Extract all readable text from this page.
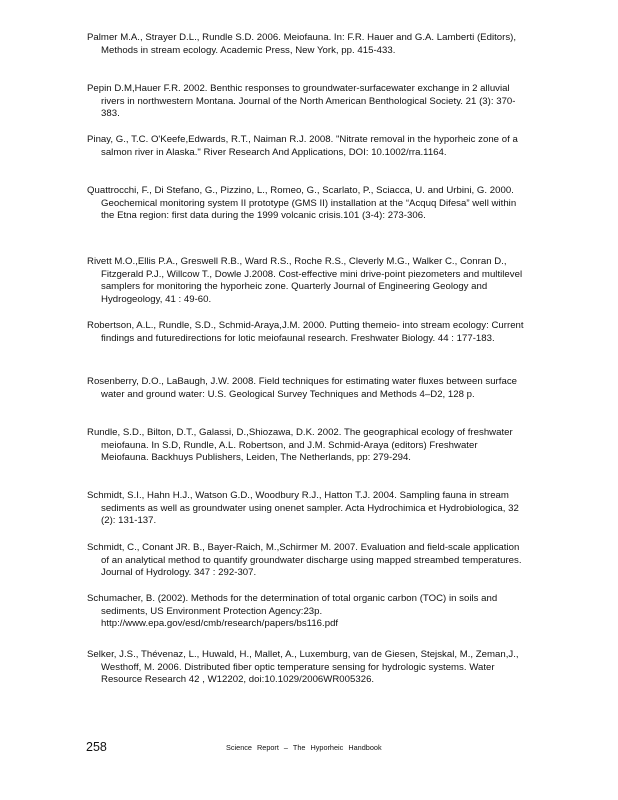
Palmer M.A., Strayer D.L., Rundle S.D. 2006. Meiofauna. In: F.R. Hauer and G.A. Lamberti (Editors), Methods in stream ecology. Academic Press, New York, pp. 415-433.

Pepin D.M,Hauer F.R. 2002. Benthic responses to groundwater-surfacewater exchange in 2 alluvial rivers in northwestern Montana. Journal of the North American Benthological Society. 21 (3): 370-383.

Pinay, G., T.C. O'Keefe,Edwards, R.T., Naiman R.J. 2008. "Nitrate removal in the hyporheic zone of a salmon river in Alaska." River Research And Applications, DOI: 10.1002/rra.1164.

Quattrocchi, F., Di Stefano, G., Pizzino, L., Romeo, G., Scarlato, P., Sciacca, U. and Urbini, G. 2000. Geochemical monitoring system II prototype (GMS II) installation at the “Acquq Difesa” well within the Etna region: first data during the 1999 volcanic crisis.101 (3-4): 273-306.

Rivett M.O.,Ellis P.A., Greswell R.B., Ward R.S., Roche R.S., Cleverly M.G., Walker C., Conran D., Fitzgerald P.J., Willcow T., Dowle J.2008. Cost-effective mini drive-point piezometers and multilevel samplers for monitoring the hyporheic zone. Quarterly Journal of Engineering Geology and Hydrogeology, 41 : 49-60.

Robertson, A.L., Rundle, S.D., Schmid-Araya,J.M. 2000. Putting themeio- into stream ecology: Current findings and futuredirections for lotic meiofaunal research. Freshwater Biology. 44 : 177-183.

Rosenberry, D.O., LaBaugh, J.W. 2008. Field techniques for estimating water fluxes between surface water and ground water: U.S. Geological Survey Techniques and Methods 4–D2, 128 p.

Rundle, S.D., Bilton, D.T., Galassi, D.,Shiozawa, D.K. 2002. The geographical ecology of freshwater meiofauna. In S.D, Rundle, A.L. Robertson, and J.M. Schmid-Araya (editors) Freshwater Meiofauna. Backhuys Publishers, Leiden, The Netherlands, pp: 279-294.

Schmidt, S.I., Hahn H.J., Watson G.D., Woodbury R.J., Hatton T.J. 2004. Sampling fauna in stream sediments as well as groundwater using onenet sampler. Acta Hydrochimica et Hydrobiologica, 32 (2): 131-137.

Schmidt, C., Conant JR. B., Bayer-Raich, M.,Schirmer M. 2007. Evaluation and field-scale application of an analytical method to quantify groundwater discharge using mapped streambed temperatures. Journal of Hydrology. 347 : 292-307.

Schumacher, B. (2002). Methods for the determination of total organic carbon (TOC) in soils and sediments, US Environment Protection Agency:23p. http://www.epa.gov/esd/cmb/research/papers/bs116.pdf

Selker, J.S., Thévenaz, L., Huwald, H., Mallet, A., Luxemburg, van de Giesen, Stejskal, M., Zeman,J., Westhoff, M. 2006. Distributed fiber optic temperature sensing for hydrologic systems. Water Resource Research 42 , W12202, doi:10.1029/2006WR005326.

258	Science Report – The Hyporheic Handbook
